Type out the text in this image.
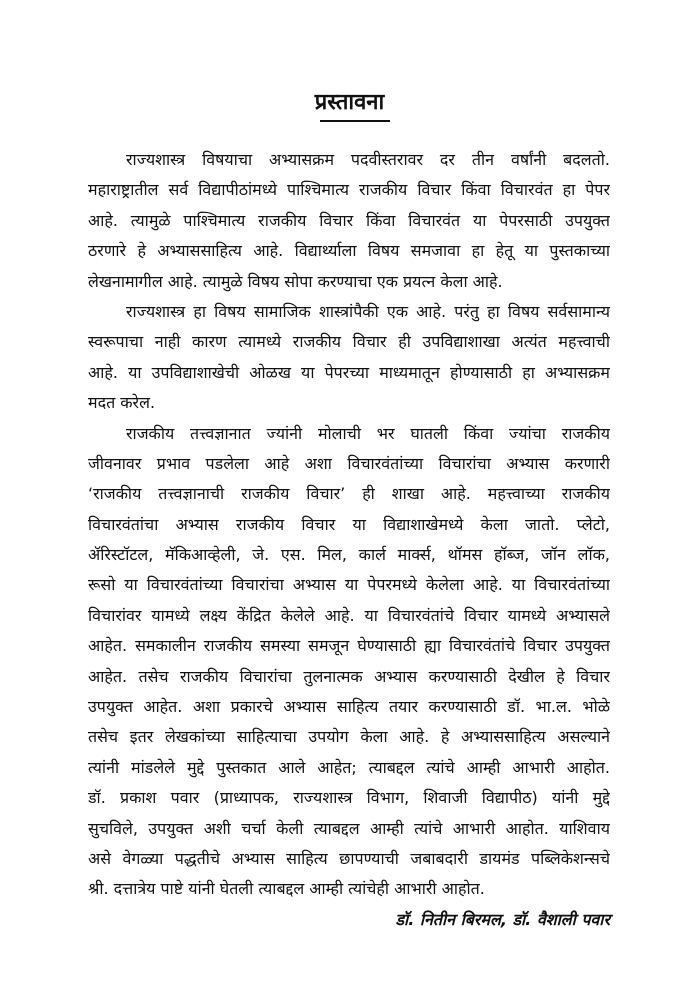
प्रस्तावना
राज्यशास्त्र विषयाचा अभ्यासक्रम पदवीस्तरावर दर तीन वर्षांनी बदलतो.
महाराष्ट्रातील सर्व विद्यापीठांमध्ये पाश्चिमात्य राजकीय विचार किंवा विचारवंत हा पेपर
आहे. त्यामुळे पाश्चिमात्य राजकीय विचार किंवा विचारवंत या पेपरसाठी उपयुक्त
ठरणारे हे अभ्याससाहित्य आहे. विद्यार्थ्याला विषय समजावा हा हेतू या पुस्तकाच्या
लेखनामागील आहे. त्यामुळे विषय सोपा करण्याचा एक प्रयत्न केला आहे.
राज्यशास्त्र हा विषय सामाजिक शास्त्रांपैकी एक आहे. परंतु हा विषय सर्वसामान्य
स्वरूपाचा नाही कारण त्यामध्ये राजकीय विचार ही उपविद्याशाखा अत्यंत महत्त्वाची
आहे. या उपविद्याशाखेची ओळख या पेपरच्या माध्यमातून होण्यासाठी हा अभ्यासक्रम
मदत करेल.
राजकीय तत्त्वज्ञानात ज्यांनी मोलाची भर घातली किंवा ज्यांचा राजकीय
जीवनावर प्रभाव पडलेला आहे अशा विचारवंतांच्या विचारांचा अभ्यास करणारी
‘राजकीय तत्त्वज्ञानाची राजकीय विचार’ ही शाखा आहे. महत्त्वाच्या राजकीय
विचारवंतांचा अभ्यास राजकीय विचार या विद्याशाखेमध्ये केला जातो. प्लेटो,
ॲरिस्टॉटल, मॅकिआव्हेली, जे. एस. मिल, कार्ल मार्क्स, थॉमस हॉब्ज, जॉन लॉक,
रूसो या विचारवंतांच्या विचारांचा अभ्यास या पेपरमध्ये केलेला आहे. या विचारवंतांच्या
विचारांवर यामध्ये लक्ष्य केंद्रित केलेले आहे. या विचारवंतांचे विचार यामध्ये अभ्यासले
आहेत. समकालीन राजकीय समस्या समजून घेण्यासाठी ह्या विचारवंतांचे विचार उपयुक्त
आहेत. तसेच राजकीय विचारांचा तुलनात्मक अभ्यास करण्यासाठी देखील हे विचार
उपयुक्त आहेत. अशा प्रकारचे अभ्यास साहित्य तयार करण्यासाठी डॉ. भा.ल. भोळे
तसेच इतर लेखकांच्या साहित्याचा उपयोग केला आहे. हे अभ्याससाहित्य असल्याने
त्यांनी मांडलेले मुद्दे पुस्तकात आले आहेत; त्याबद्दल त्यांचे आम्ही आभारी आहोत.
डॉ. प्रकाश पवार (प्राध्यापक, राज्यशास्त्र विभाग, शिवाजी विद्यापीठ) यांनी मुद्दे
सुचविले, उपयुक्त अशी चर्चा केली त्याबद्दल आम्ही त्यांचे आभारी आहोत. याशिवाय
असे वेगळ्या पद्धतीचे अभ्यास साहित्य छापण्याची जबाबदारी डायमंड पब्लिकेशन्सचे
श्री. दत्तात्रेय पाष्टे यांनी घेतली त्याबद्दल आम्ही त्यांचेही आभारी आहोत.
डॉ. नितीन बिरमल, डॉ. वैशाली पवार
